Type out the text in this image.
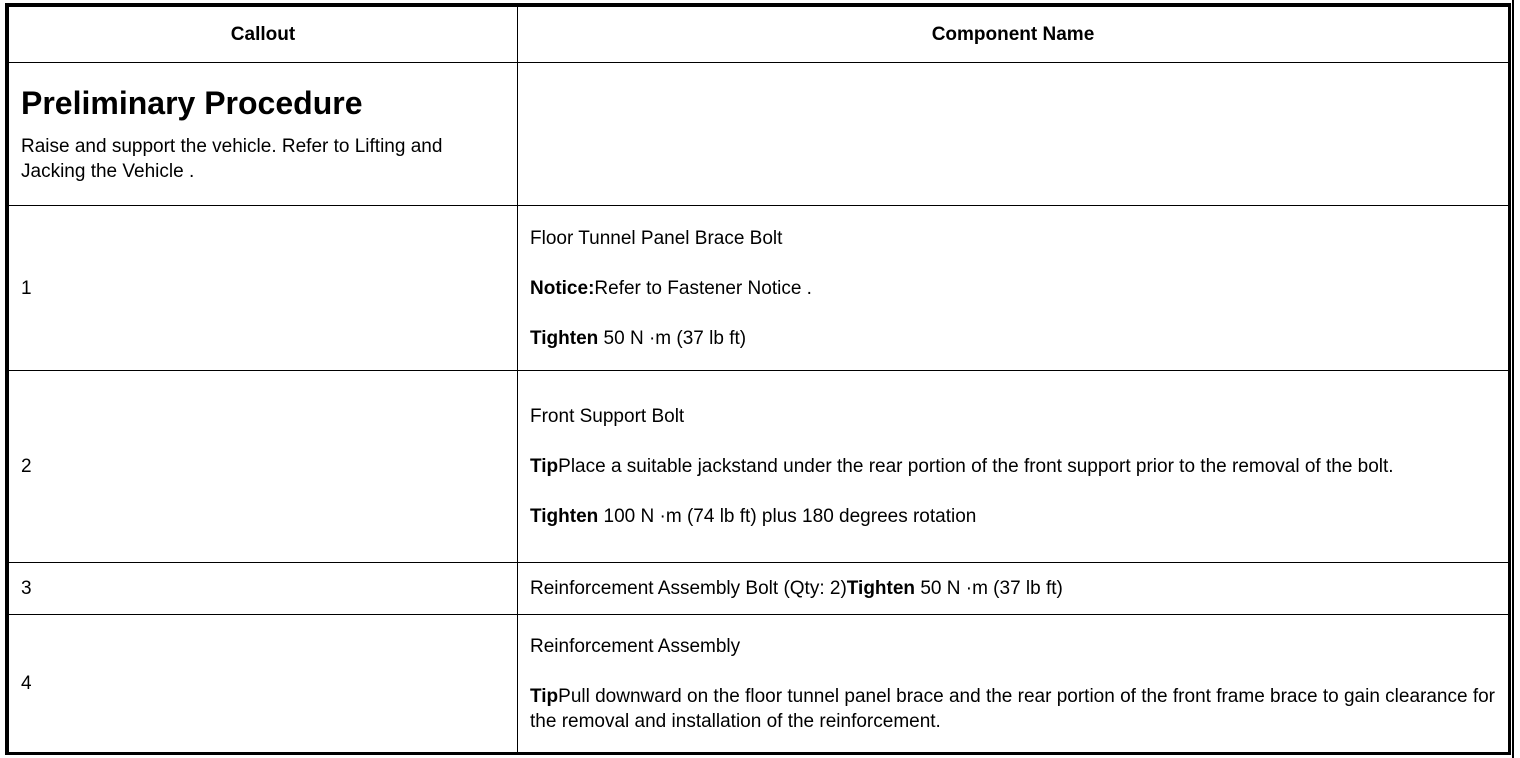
Callout	Component Name

Preliminary Procedure

Raise and support the vehicle. Refer to Lifting and Jacking the Vehicle .	

1	Floor Tunnel Panel Brace Bolt

Notice:Refer to Fastener Notice .

Tighten 50 N ·m (37 lb ft)

2	Front Support Bolt

TipPlace a suitable jackstand under the rear portion of the front support prior to the removal of the bolt.

Tighten 100 N ·m (74 lb ft) plus 180 degrees rotation

3	Reinforcement Assembly Bolt (Qty: 2)Tighten 50 N ·m (37 lb ft)

4	Reinforcement Assembly

TipPull downward on the floor tunnel panel brace and the rear portion of the front frame brace to gain clearance for the removal and installation of the reinforcement.
